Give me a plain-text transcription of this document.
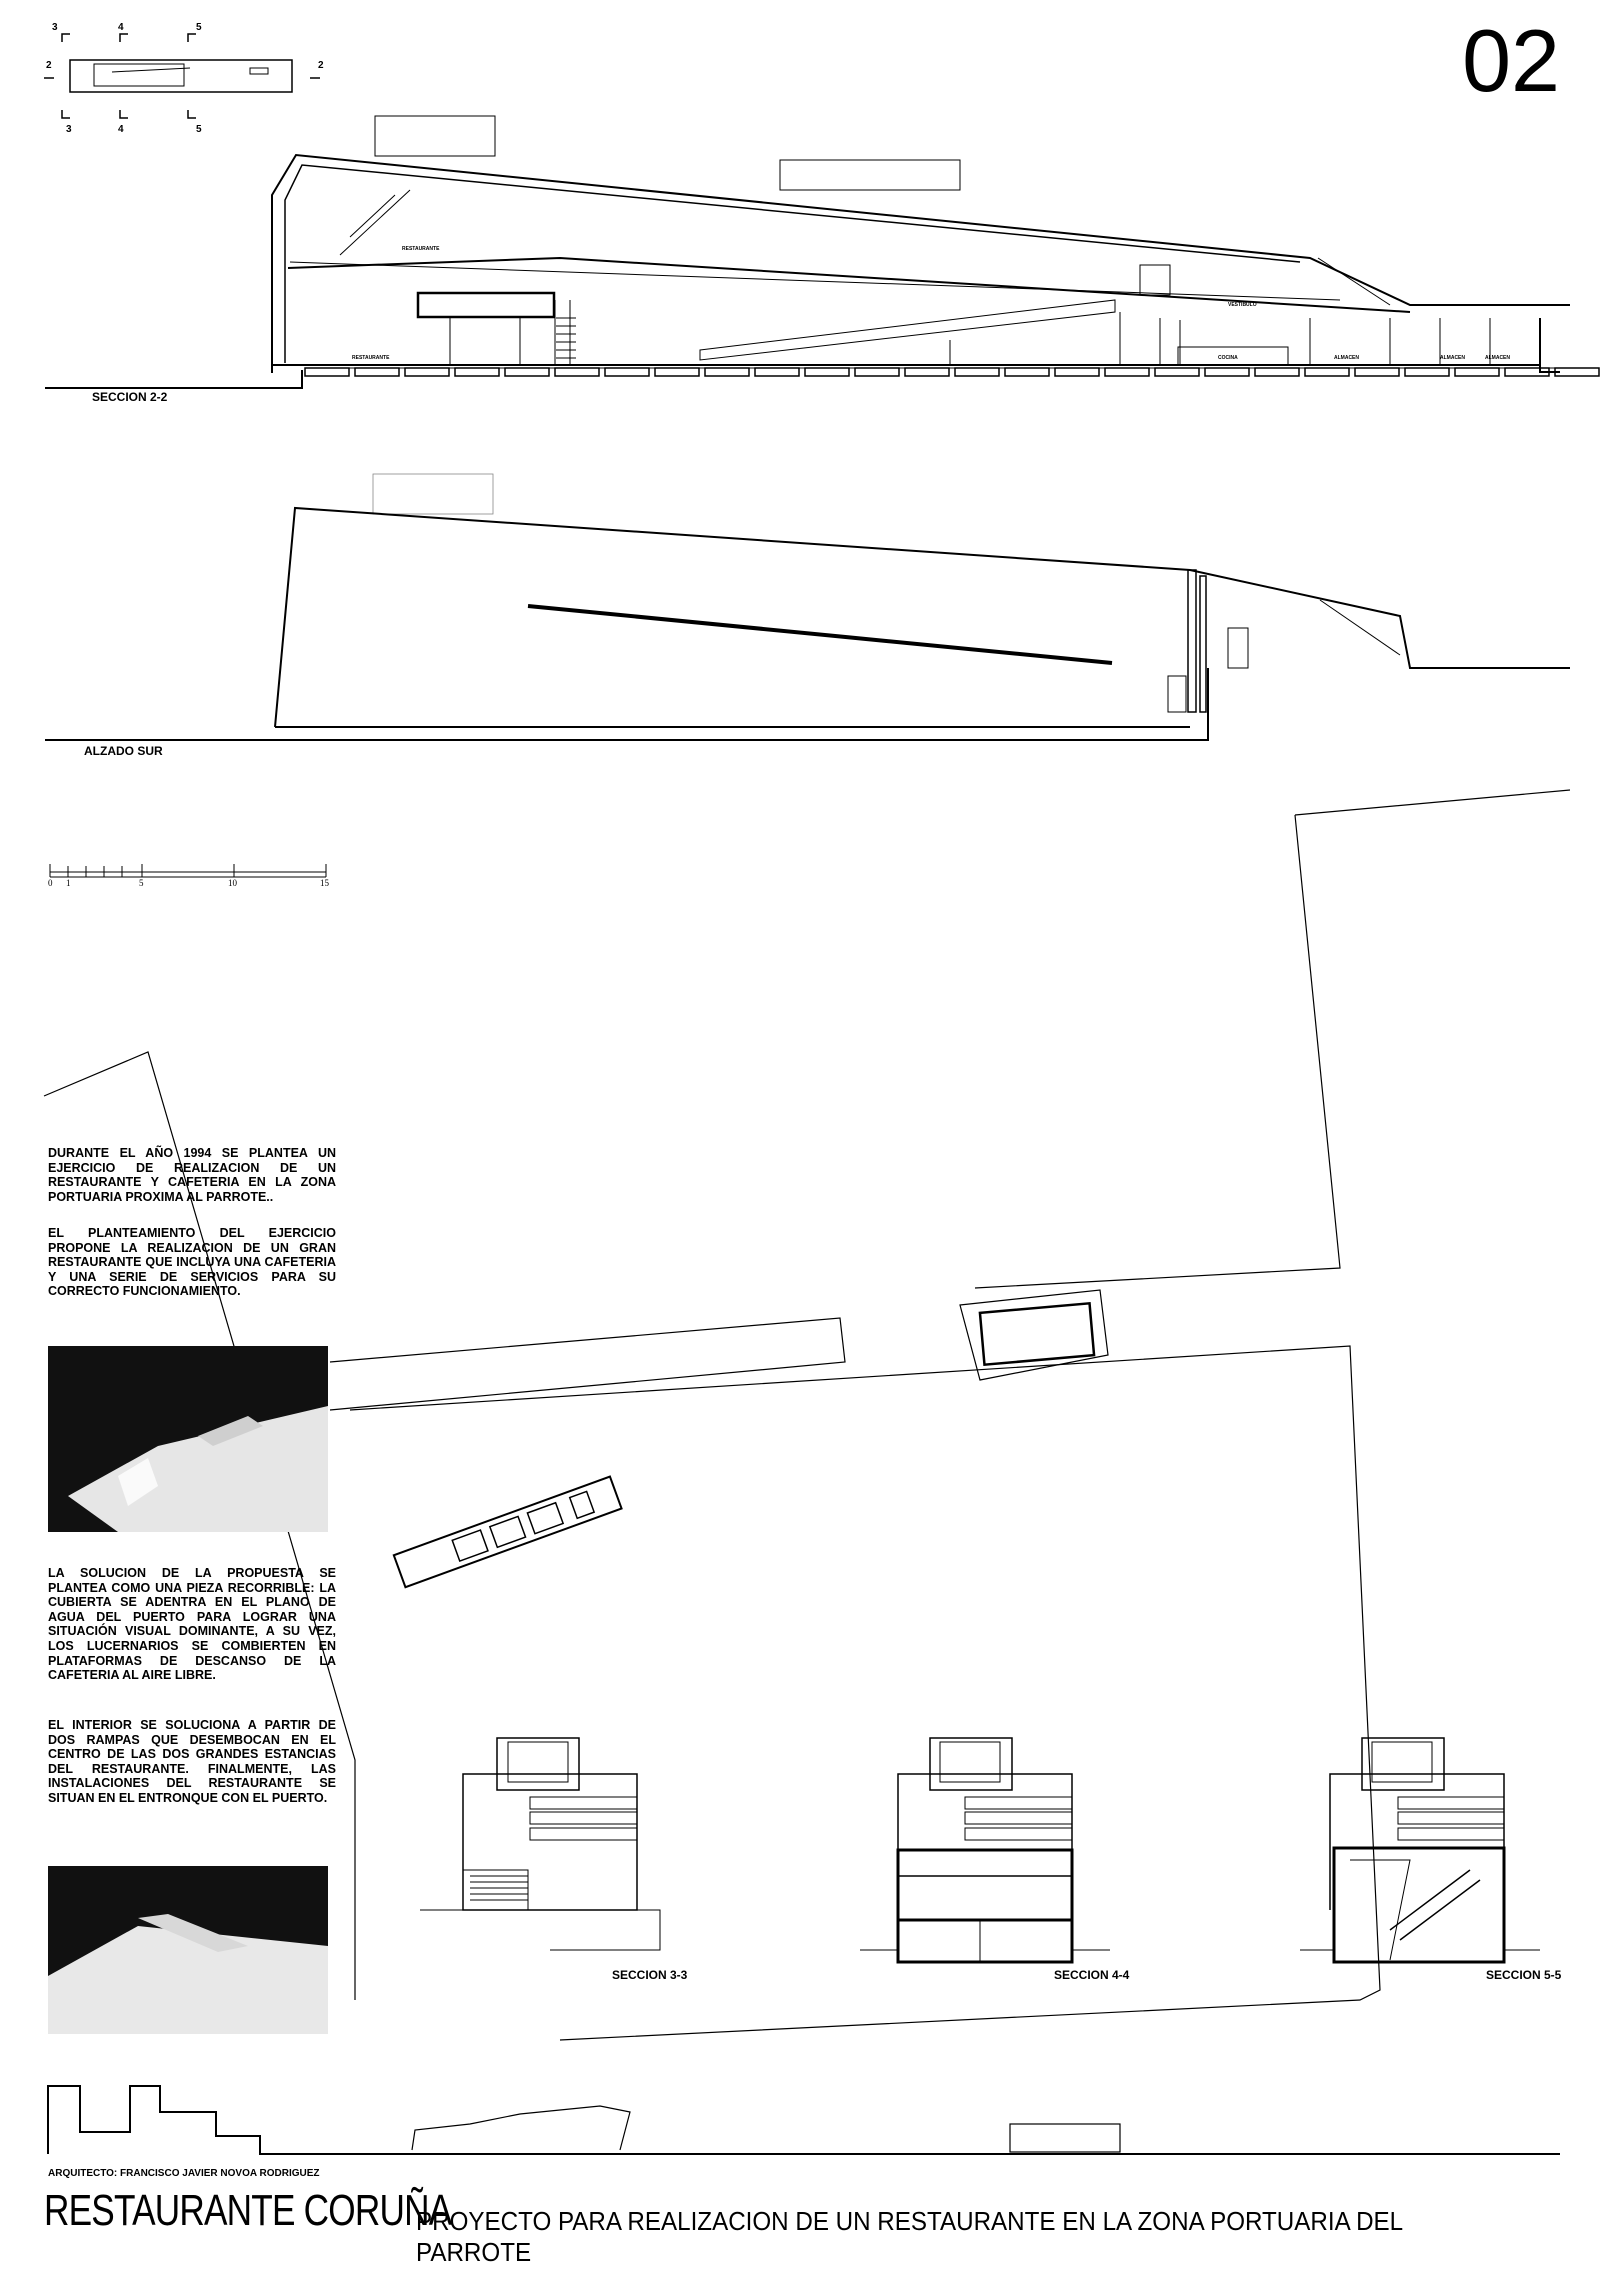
02
3	4	5
2	2
3	4	5
SECCION 2-2
RESTAURANTE
RESTAURANTE
VESTIBULO
COCINA	ALMACEN	ALMACEN	ALMACEN
ALZADO SUR
0 1	5	10	15
DURANTE EL AÑO 1994 SE PLANTEA UN EJERCICIO DE REALIZACION DE UN RESTAURANTE Y CAFETERIA EN LA ZONA PORTUARIA PROXIMA AL PARROTE..
EL PLANTEAMIENTO DEL EJERCICIO PROPONE LA REALIZACION DE UN GRAN RESTAURANTE QUE INCLUYA UNA CAFETERIA Y UNA SERIE DE SERVICIOS PARA SU CORRECTO FUNCIONAMIENTO.
LA SOLUCION DE LA PROPUESTA SE PLANTEA COMO UNA PIEZA RECORRIBLE: LA CUBIERTA SE ADENTRA EN EL PLANO DE AGUA DEL PUERTO PARA LOGRAR UNA SITUACIÓN VISUAL DOMINANTE, A SU VEZ, LOS LUCERNARIOS SE COMBIERTEN EN PLATAFORMAS DE DESCANSO DE LA CAFETERIA AL AIRE LIBRE.
EL INTERIOR SE SOLUCIONA A PARTIR DE DOS RAMPAS QUE DESEMBOCAN EN EL CENTRO DE LAS DOS GRANDES ESTANCIAS DEL RESTAURANTE. FINALMENTE, LAS INSTALACIONES DEL RESTAURANTE SE SITUAN EN EL ENTRONQUE CON EL PUERTO.
SECCION 3-3	SECCION 4-4	SECCION 5-5
ARQUITECTO: FRANCISCO JAVIER NOVOA RODRIGUEZ
RESTAURANTE CORUÑA
PROYECTO PARA REALIZACION DE UN RESTAURANTE EN LA ZONA PORTUARIA DEL PARROTE
